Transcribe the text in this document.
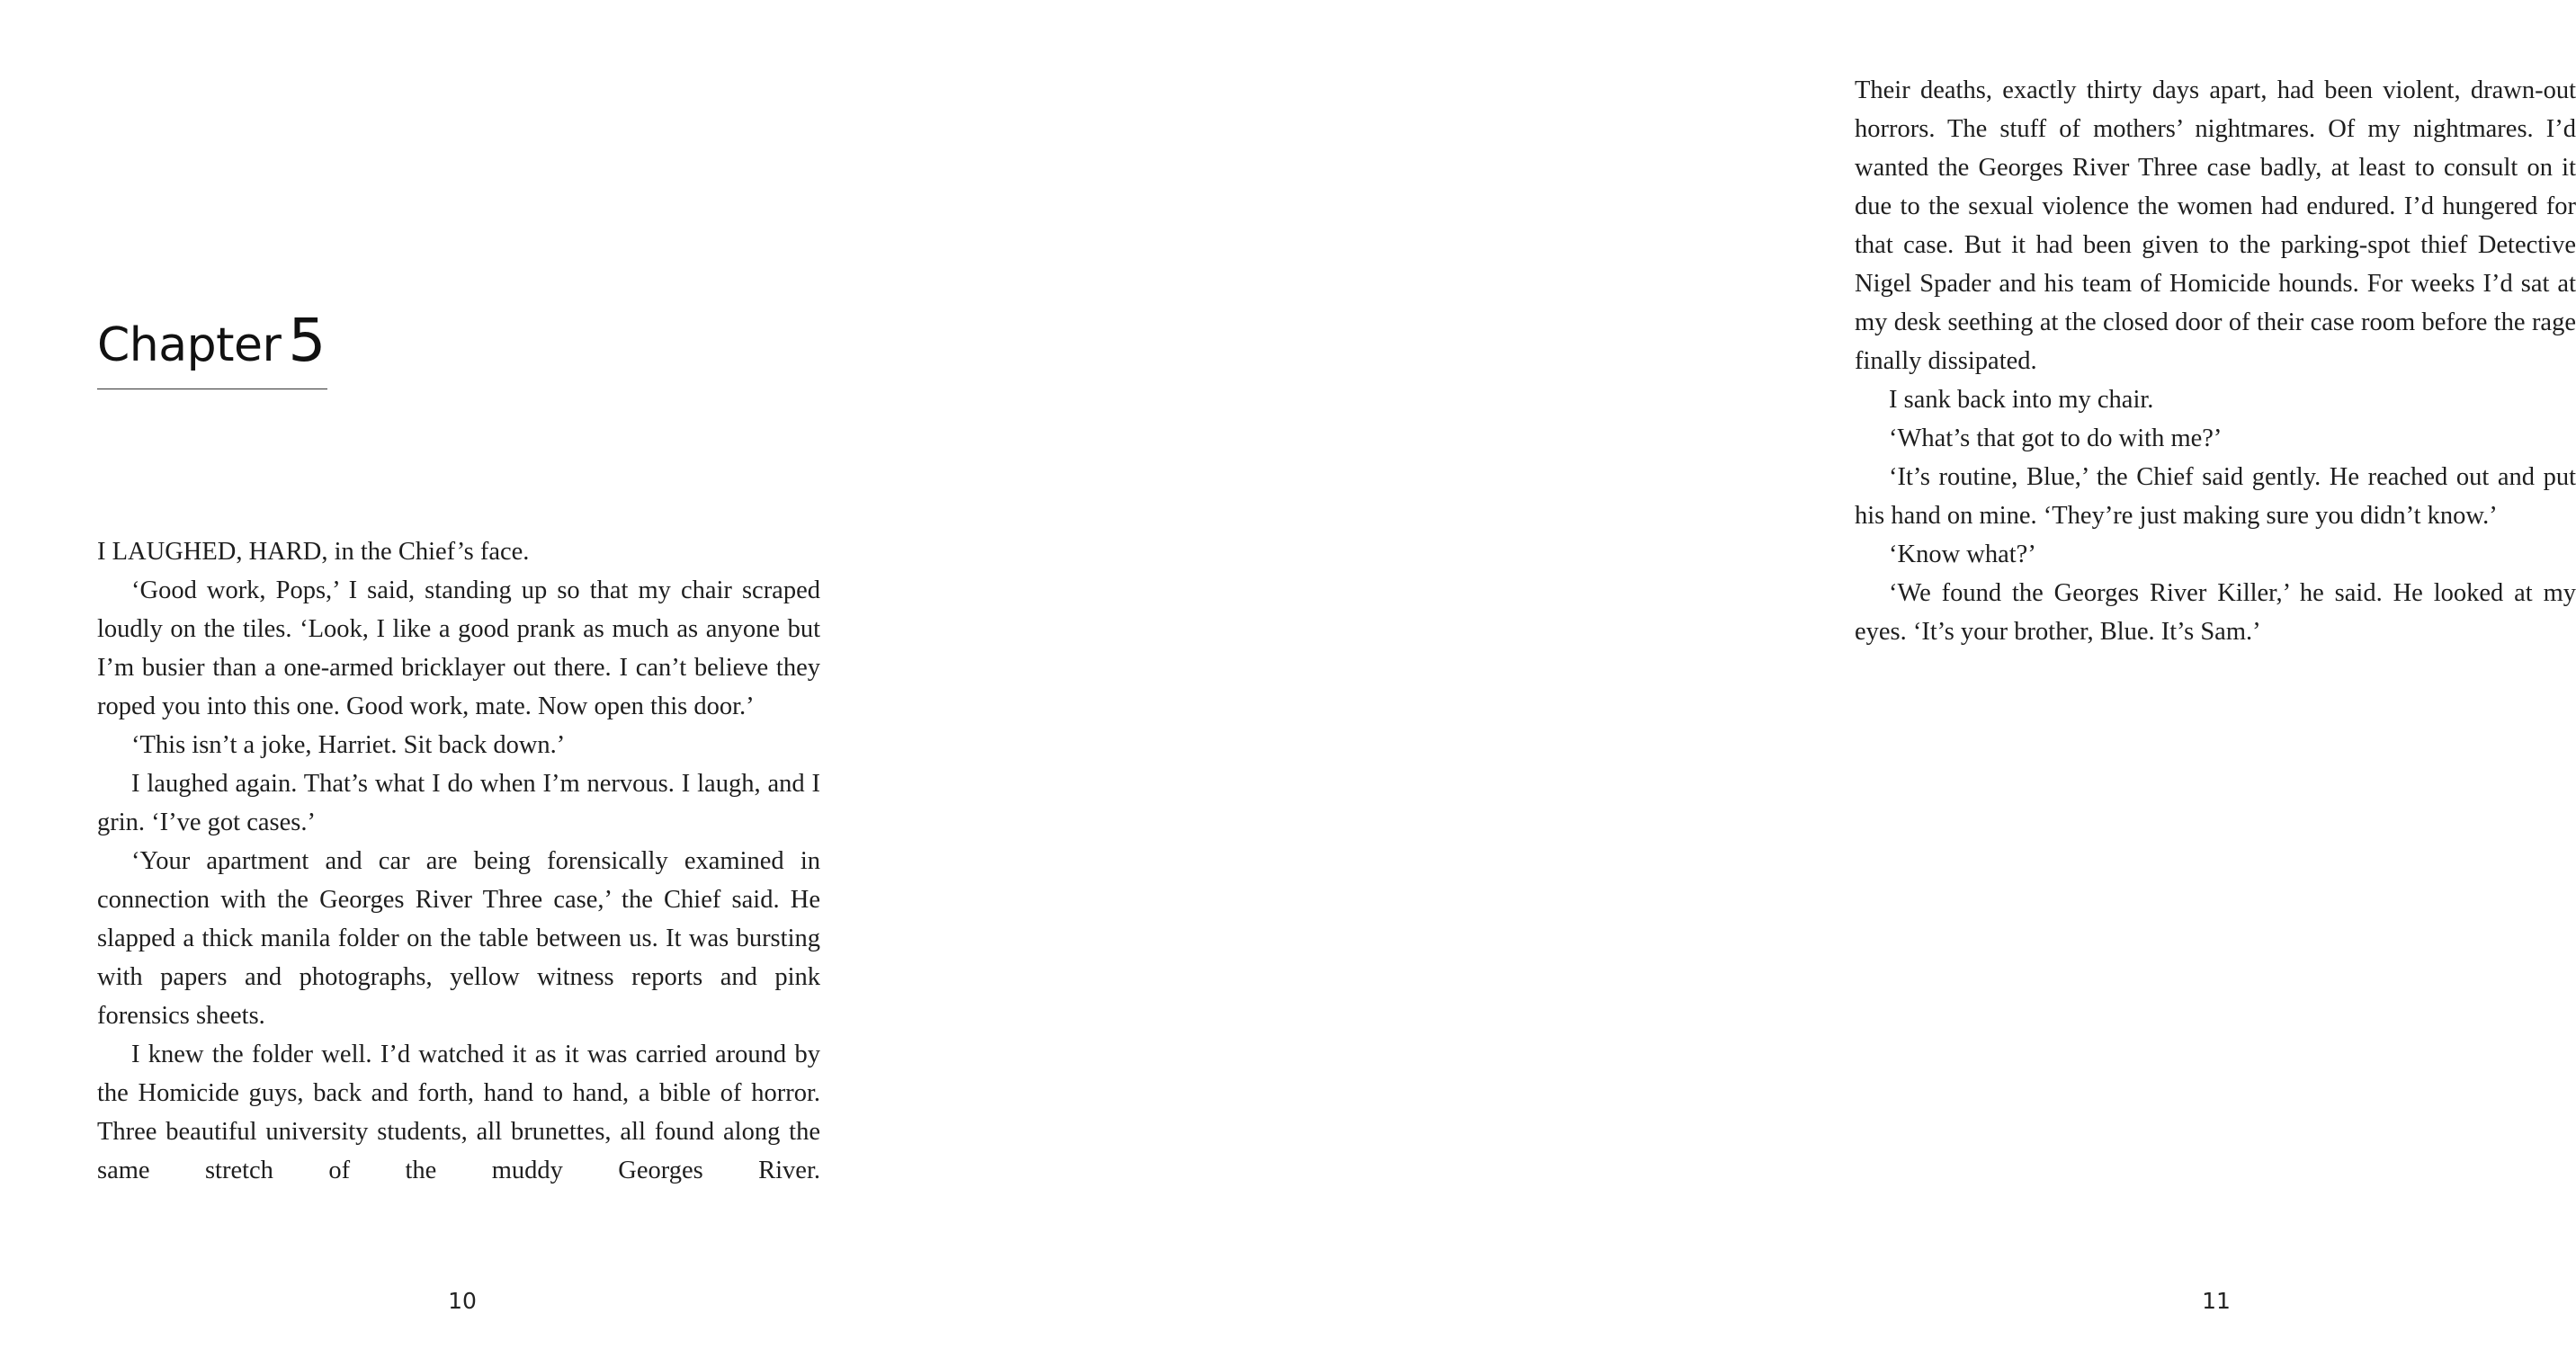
Chapter 5

I LAUGHED, HARD, in the Chief’s face.

‘Good work, Pops,’ I said, standing up so that my chair scraped loudly on the tiles. ‘Look, I like a good prank as much as anyone but I’m busier than a one-armed bricklayer out there. I can’t believe they roped you into this one. Good work, mate. Now open this door.’

‘This isn’t a joke, Harriet. Sit back down.’

I laughed again. That’s what I do when I’m nervous. I laugh, and I grin. ‘I’ve got cases.’

‘Your apartment and car are being forensically examined in connection with the Georges River Three case,’ the Chief said. He slapped a thick manila folder on the table between us. It was bursting with papers and photographs, yellow witness reports and pink forensics sheets.

I knew the folder well. I’d watched it as it was carried around by the Homicide guys, back and forth, hand to hand, a bible of horror. Three beautiful university students, all brunettes, all found along the same stretch of the muddy Georges River.

10

Their deaths, exactly thirty days apart, had been violent, drawn-out horrors. The stuff of mothers’ nightmares. Of my nightmares. I’d wanted the Georges River Three case badly, at least to consult on it due to the sexual violence the women had endured. I’d hungered for that case. But it had been given to the parking-spot thief Detective Nigel Spader and his team of Homicide hounds. For weeks I’d sat at my desk seething at the closed door of their case room before the rage finally dissipated.

I sank back into my chair.

‘What’s that got to do with me?’

‘It’s routine, Blue,’ the Chief said gently. He reached out and put his hand on mine. ‘They’re just making sure you didn’t know.’

‘Know what?’

‘We found the Georges River Killer,’ he said. He looked at my eyes. ‘It’s your brother, Blue. It’s Sam.’

11
